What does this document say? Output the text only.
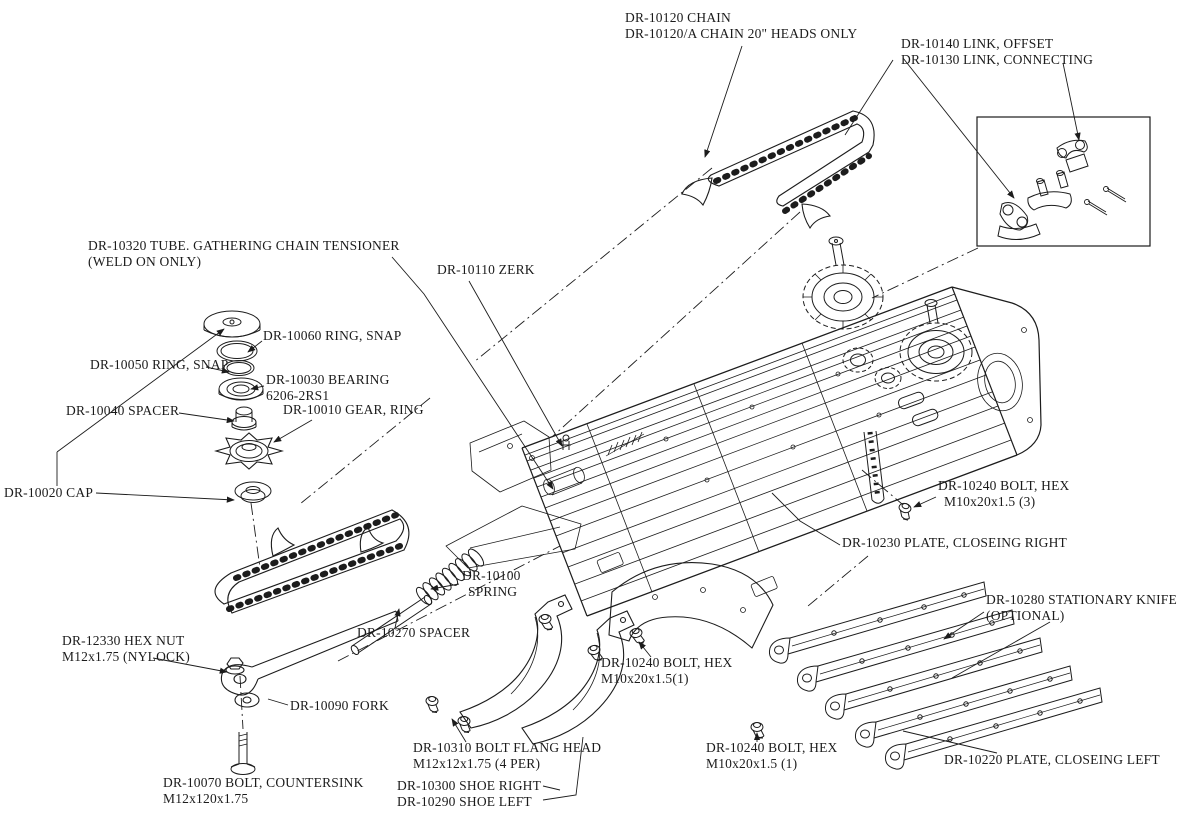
DR-10120 CHAIN
DR-10120/A CHAIN 20" HEADS ONLY
DR-10140 LINK, OFFSET
DR-10130 LINK, CONNECTING
DR-10320 TUBE. GATHERING CHAIN TENSIONER
(WELD ON ONLY)
DR-10110 ZERK
DR-10060 RING, SNAP
DR-10050 RING, SNAP
DR-10030 BEARING
6206-2RS1
DR-10040 SPACER	DR-10010 GEAR, RING
DR-10020 CAP	DR-10240 BOLT, HEX
M10x20x1.5 (3)
DR-10230 PLATE, CLOSEING RIGHT
DR-10280 STATIONARY KNIFE
(OPTIONAL)
DR-10100
SPRING
DR-10270 SPACER
DR-12330 HEX NUT
M12x1.75 (NYLOCK)
DR-10090 FORK
DR-10240 BOLT, HEX
M10x20x1.5(1)
DR-10070 BOLT, COUNTERSINK
M12x120x1.75
DR-10310 BOLT FLANG HEAD
M12x12x1.75 (4 PER)
DR-10300 SHOE RIGHT
DR-10290 SHOE LEFT
DR-10240 BOLT, HEX
M10x20x1.5 (1)	DR-10220 PLATE, CLOSEING LEFT
